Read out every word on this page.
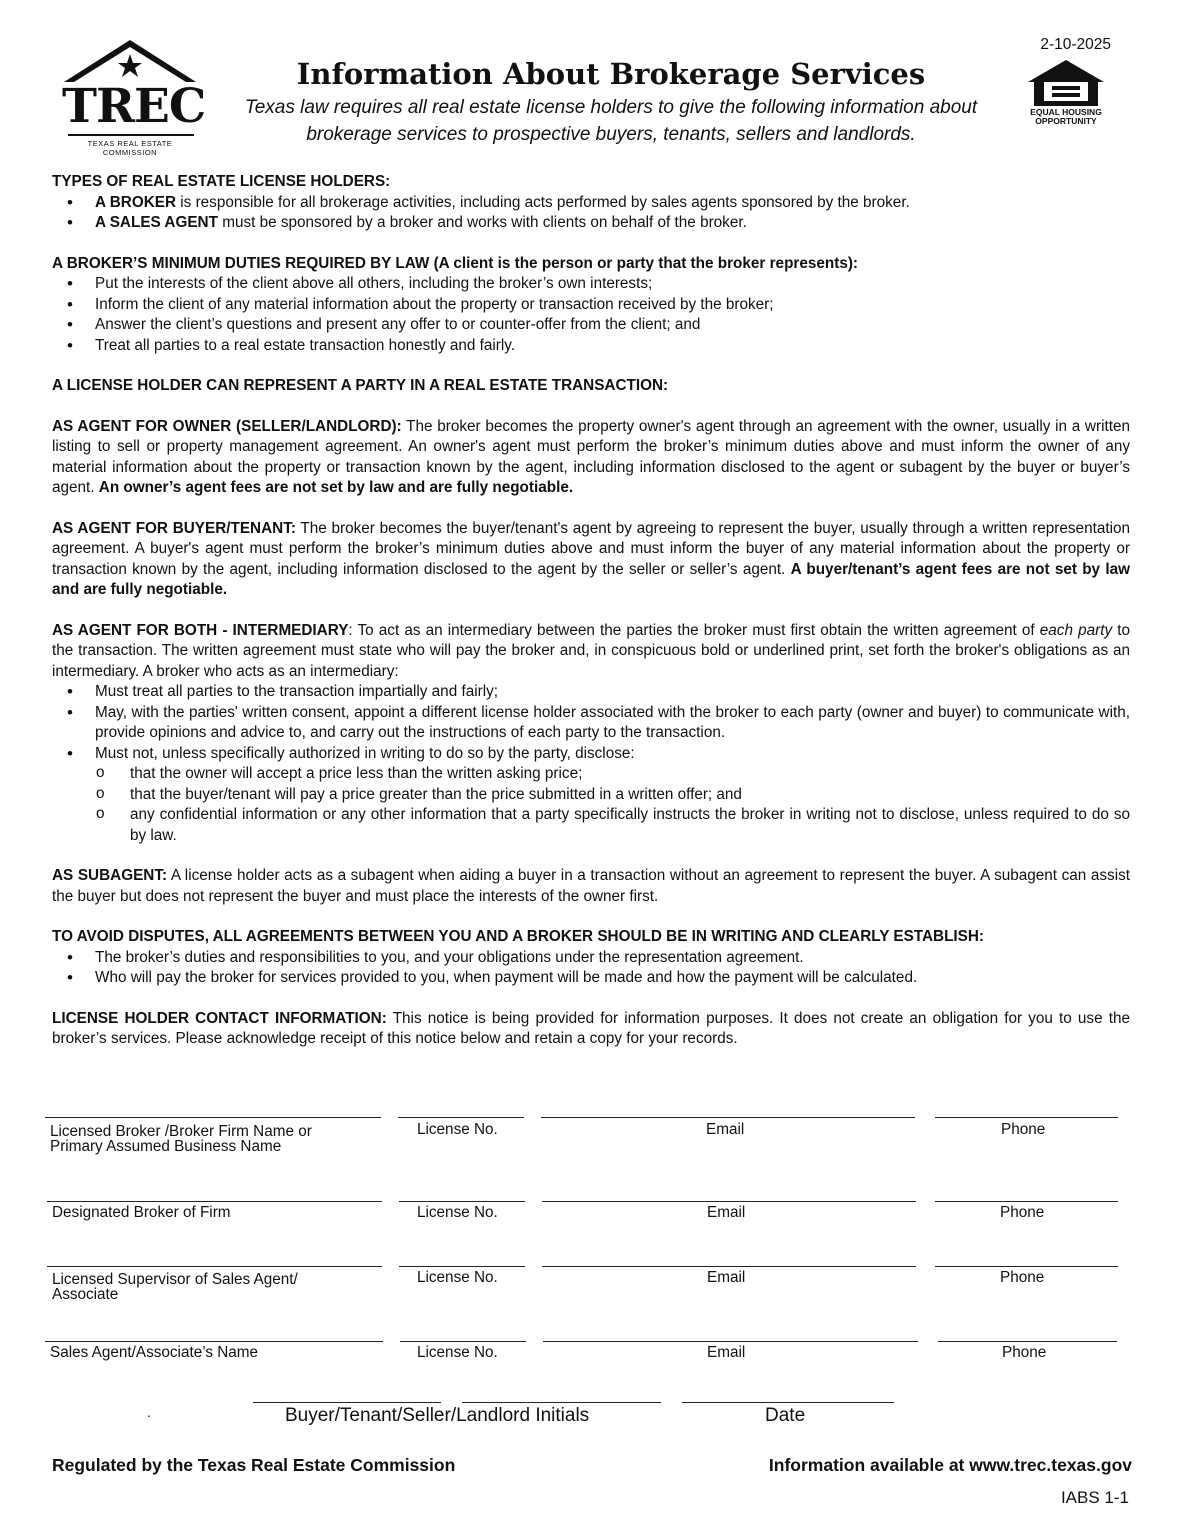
TREC
TEXAS REAL ESTATE COMMISSION
Information About Brokerage Services
Texas law requires all real estate license holders to give the following information about
brokerage services to prospective buyers, tenants, sellers and landlords.
2-10-2025
EQUAL HOUSING
OPPORTUNITY

TYPES OF REAL ESTATE LICENSE HOLDERS:

• A BROKER is responsible for all brokerage activities, including acts performed by sales agents sponsored by the broker.
• A SALES AGENT must be sponsored by a broker and works with clients on behalf of the broker.

A BROKER’S MINIMUM DUTIES REQUIRED BY LAW (A client is the person or party that the broker represents):

• Put the interests of the client above all others, including the broker’s own interests;
• Inform the client of any material information about the property or transaction received by the broker;
• Answer the client’s questions and present any offer to or counter-offer from the client; and
• Treat all parties to a real estate transaction honestly and fairly.

A LICENSE HOLDER CAN REPRESENT A PARTY IN A REAL ESTATE TRANSACTION:

AS AGENT FOR OWNER (SELLER/LANDLORD): The broker becomes the property owner's agent through an agreement with the owner, usually in a written listing to sell or property management agreement. An owner's agent must perform the broker’s minimum duties above and must inform the owner of any material information about the property or transaction known by the agent, including information disclosed to the agent or subagent by the buyer or buyer’s agent. An owner’s agent fees are not set by law and are fully negotiable.

AS AGENT FOR BUYER/TENANT: The broker becomes the buyer/tenant's agent by agreeing to represent the buyer, usually through a written representation agreement. A buyer's agent must perform the broker’s minimum duties above and must inform the buyer of any material information about the property or transaction known by the agent, including information disclosed to the agent by the seller or seller’s agent. A buyer/tenant’s agent fees are not set by law and are fully negotiable.

AS AGENT FOR BOTH - INTERMEDIARY: To act as an intermediary between the parties the broker must first obtain the written agreement of each party to the transaction. The written agreement must state who will pay the broker and, in conspicuous bold or underlined print, set forth the broker's obligations as an intermediary. A broker who acts as an intermediary:

• Must treat all parties to the transaction impartially and fairly;
• May, with the parties' written consent, appoint a different license holder associated with the broker to each party (owner and buyer) to communicate with, provide opinions and advice to, and carry out the instructions of each party to the transaction.
• Must not, unless specifically authorized in writing to do so by the party, disclose:
o that the owner will accept a price less than the written asking price;
o that the buyer/tenant will pay a price greater than the price submitted in a written offer; and
o any confidential information or any other information that a party specifically instructs the broker in writing not to disclose, unless required to do so by law.

AS SUBAGENT: A license holder acts as a subagent when aiding a buyer in a transaction without an agreement to represent the buyer. A subagent can assist the buyer but does not represent the buyer and must place the interests of the owner first.

TO AVOID DISPUTES, ALL AGREEMENTS BETWEEN YOU AND A BROKER SHOULD BE IN WRITING AND CLEARLY ESTABLISH:

• The broker’s duties and responsibilities to you, and your obligations under the representation agreement.
• Who will pay the broker for services provided to you, when payment will be made and how the payment will be calculated.

LICENSE HOLDER CONTACT INFORMATION: This notice is being provided for information purposes. It does not create an obligation for you to use the broker’s services. Please acknowledge receipt of this notice below and retain a copy for your records.

Licensed Broker /Broker Firm Name or
Primary Assumed Business Name
License No.	Email	Phone
Designated Broker of Firm	License No.	Email	Phone
Licensed Supervisor of Sales Agent/
Associate
License No.	Email	Phone
Sales Agent/Associate’s Name	License No.	Email	Phone
Buyer/Tenant/Seller/Landlord Initials	Date
.
Regulated by the Texas Real Estate Commission	Information available at www.trec.texas.gov
IABS 1-1
